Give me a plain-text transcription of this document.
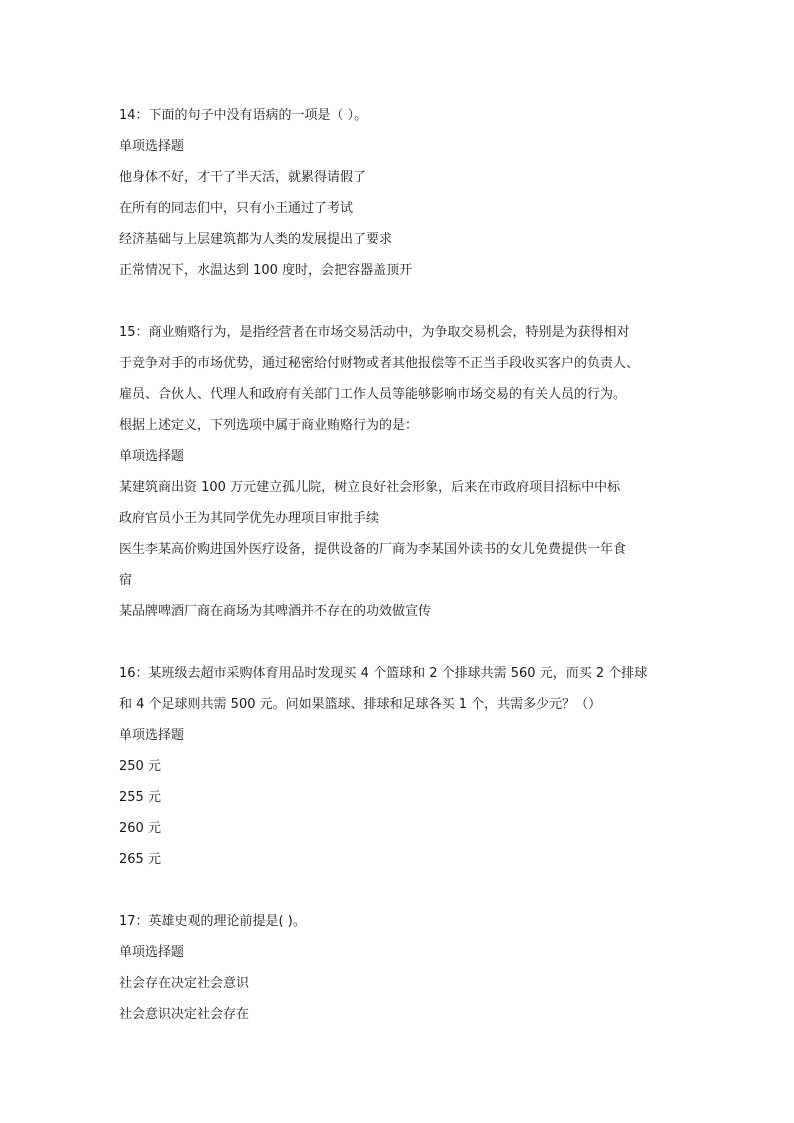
14：下面的句子中没有语病的一项是（ ）。

单项选择题

他身体不好，才干了半天活，就累得请假了

在所有的同志们中，只有小王通过了考试

经济基础与上层建筑都为人类的发展提出了要求

正常情况下，水温达到 100 度时，会把容器盖顶开

15：商业贿赂行为，是指经营者在市场交易活动中，为争取交易机会，特别是为获得相对

于竞争对手的市场优势，通过秘密给付财物或者其他报偿等不正当手段收买客户的负责人、

雇员、合伙人、代理人和政府有关部门工作人员等能够影响市场交易的有关人员的行为。

根据上述定义，下列选项中属于商业贿赂行为的是：

单项选择题

某建筑商出资 100 万元建立孤儿院，树立良好社会形象，后来在市政府项目招标中中标

政府官员小王为其同学优先办理项目审批手续

医生李某高价购进国外医疗设备，提供设备的厂商为李某国外读书的女儿免费提供一年食

宿

某品牌啤酒厂商在商场为其啤酒并不存在的功效做宣传

16：某班级去超市采购体育用品时发现买 4 个篮球和 2 个排球共需 560 元，而买 2 个排球

和 4 个足球则共需 500 元。问如果篮球、排球和足球各买 1 个，共需多少元？（）

单项选择题

250 元

255 元

260 元

265 元

17：英雄史观的理论前提是( )。

单项选择题

社会存在决定社会意识

社会意识决定社会存在
